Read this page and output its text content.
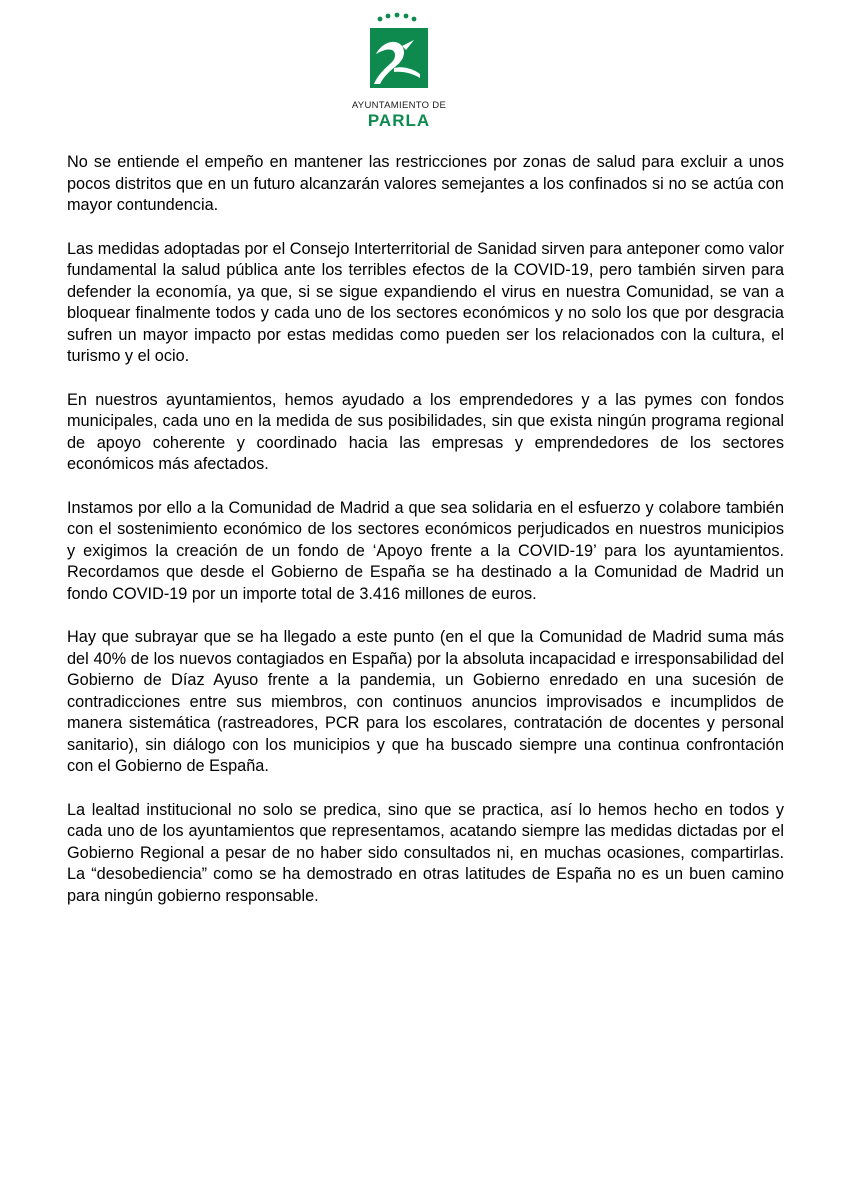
AYUNTAMIENTO DE
PARLA

No se entiende el empeño en mantener las restricciones por zonas de salud para excluir a unos pocos distritos que en un futuro alcanzarán valores semejantes a los confinados si no se actúa con mayor contundencia.

Las medidas adoptadas por el Consejo Interterritorial de Sanidad sirven para anteponer como valor fundamental la salud pública ante los terribles efectos de la COVID-19, pero también sirven para defender la economía, ya que, si se sigue expandiendo el virus en nuestra Comunidad, se van a bloquear finalmente todos y cada uno de los sectores económicos y no solo los que por desgracia sufren un mayor impacto por estas medidas como pueden ser los relacionados con la cultura, el turismo y el ocio.

En nuestros ayuntamientos, hemos ayudado a los emprendedores y a las pymes con fondos municipales, cada uno en la medida de sus posibilidades, sin que exista ningún programa regional de apoyo coherente y coordinado hacia las empresas y emprendedores de los sectores económicos más afectados.

Instamos por ello a la Comunidad de Madrid a que sea solidaria en el esfuerzo y colabore también con el sostenimiento económico de los sectores económicos perjudicados en nuestros municipios y exigimos la creación de un fondo de ‘Apoyo frente a la COVID-19’ para los ayuntamientos. Recordamos que desde el Gobierno de España se ha destinado a la Comunidad de Madrid un fondo COVID-19 por un importe total de 3.416 millones de euros.

Hay que subrayar que se ha llegado a este punto (en el que la Comunidad de Madrid suma más del 40% de los nuevos contagiados en España) por la absoluta incapacidad e irresponsabilidad del Gobierno de Díaz Ayuso frente a la pandemia, un Gobierno enredado en una sucesión de contradicciones entre sus miembros, con continuos anuncios improvisados e incumplidos de manera sistemática (rastreadores, PCR para los escolares, contratación de docentes y personal sanitario), sin diálogo con los municipios y que ha buscado siempre una continua confrontación con el Gobierno de España.

La lealtad institucional no solo se predica, sino que se practica, así lo hemos hecho en todos y cada uno de los ayuntamientos que representamos, acatando siempre las medidas dictadas por el Gobierno Regional a pesar de no haber sido consultados ni, en muchas ocasiones, compartirlas. La “desobediencia” como se ha demostrado en otras latitudes de España no es un buen camino para ningún gobierno responsable.
